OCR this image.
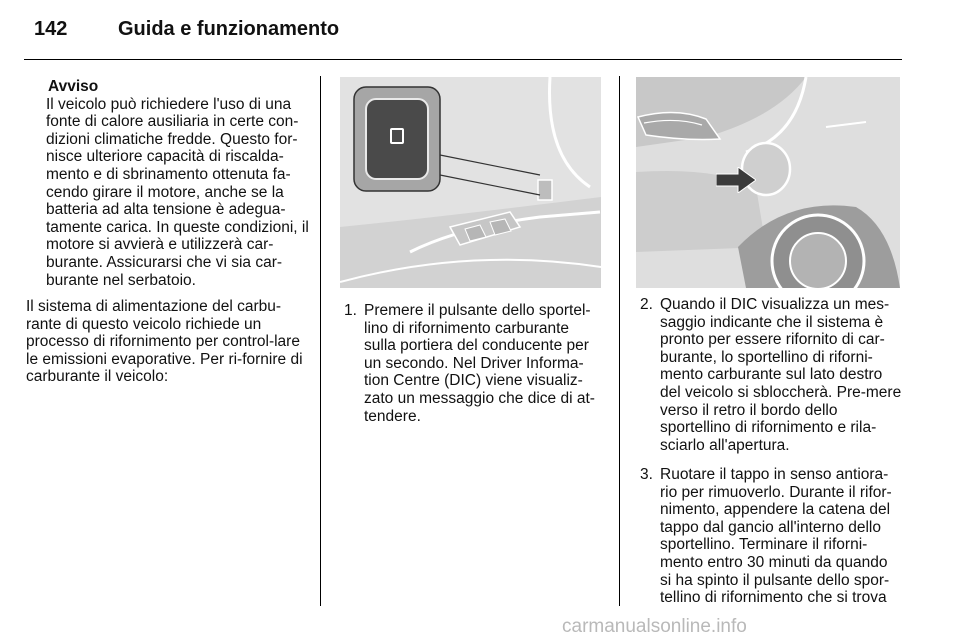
142	Guida e funzionamento
Avviso
Il veicolo può richiedere l'uso di una fonte di calore ausiliaria in certe con-dizioni climatiche fredde. Questo for-nisce ulteriore capacità di riscalda-mento e di sbrinamento ottenuta fa-cendo girare il motore, anche se la batteria ad alta tensione è adegua-tamente carica. In queste condizioni, il motore si avvierà e utilizzerà car-burante. Assicurarsi che vi sia car-burante nel serbatoio.
Il sistema di alimentazione del carbu-rante di questo veicolo richiede un processo di rifornimento per control-lare le emissioni evaporative. Per ri-fornire di carburante il veicolo:
1. Premere il pulsante dello sportel-lino di rifornimento carburante sulla portiera del conducente per un secondo. Nel Driver Informa-tion Centre (DIC) viene visualiz-zato un messaggio che dice di at-tendere.
2. Quando il DIC visualizza un mes-saggio indicante che il sistema è pronto per essere rifornito di car-burante, lo sportellino di riforni-mento carburante sul lato destro del veicolo si sbloccherà. Pre-mere verso il retro il bordo dello sportellino di rifornimento e rila-sciarlo all'apertura.
3. Ruotare il tappo in senso antiora-rio per rimuoverlo. Durante il rifor-nimento, appendere la catena del tappo dal gancio all'interno dello sportellino. Terminare il riforni-mento entro 30 minuti da quando si ha spinto il pulsante dello spor-tellino di rifornimento che si trova
carmanualsonline.info
